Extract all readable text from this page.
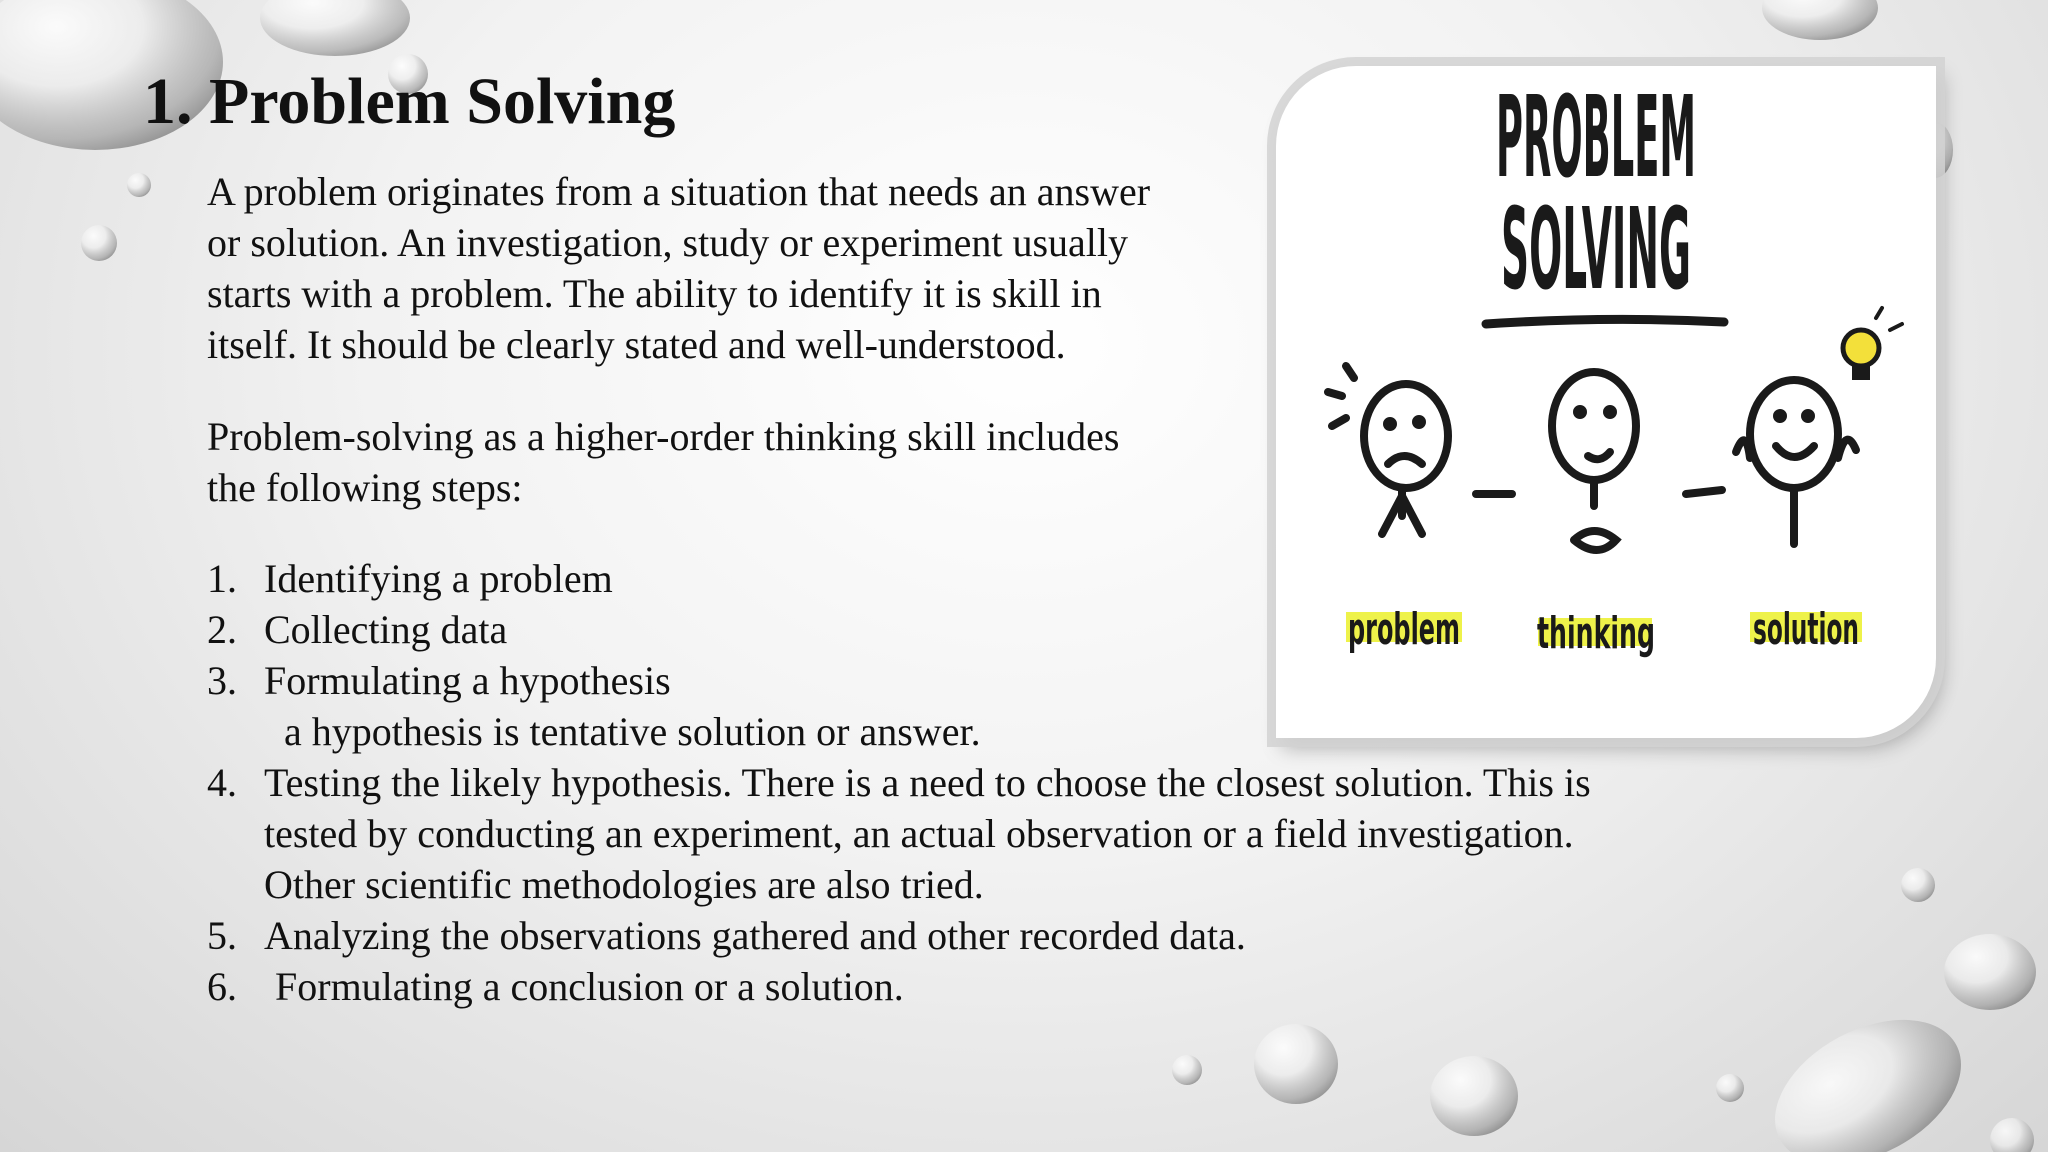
1. Problem Solving

A problem originates from a situation that needs an answer
or solution. An investigation, study or experiment usually
starts with a problem. The ability to identify it is skill in
itself. It should be clearly stated and well-understood.

Problem-solving as a higher-order thinking skill includes
the following steps:

1. Identifying a problem
2. Collecting data
3. Formulating a hypothesis
a hypothesis is tentative solution or answer.
4. Testing the likely hypothesis. There is a need to choose the closest solution. This is
tested by conducting an experiment, an actual observation or a field investigation.
Other scientific methodologies are also tried.
5. Analyzing the observations gathered and other recorded data.
6. Formulating a conclusion or a solution.
PROBLEM
SOLVING
problem thinking solution
